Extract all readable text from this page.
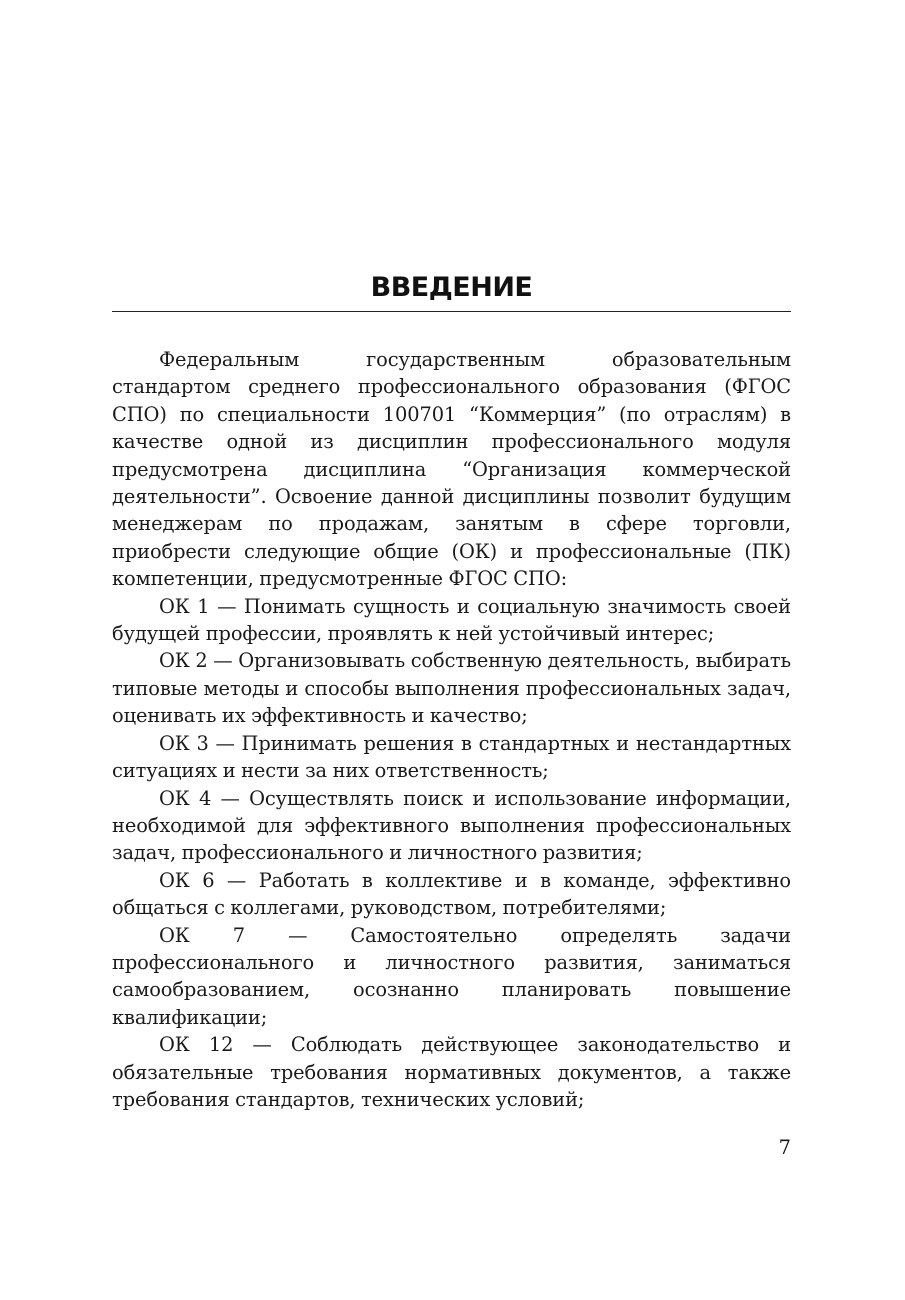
ВВЕДЕНИЕ

Федеральным государственным образовательным стандартом среднего профессионального образования (ФГОС СПО) по специальности 100701 “Коммерция” (по отраслям) в качестве одной из дисциплин профессионального модуля предусмотрена дисциплина “Организация коммерческой деятельности”. Освоение данной дисциплины позволит будущим менеджерам по продажам, занятым в сфере торговли, приобрести следующие общие (ОК) и профессиональные (ПК) компетенции, предусмотренные ФГОС СПО:

ОК 1 — Понимать сущность и социальную значимость своей будущей профессии, проявлять к ней устойчивый интерес;

ОК 2 — Организовывать собственную деятельность, выбирать типовые методы и способы выполнения профессиональных задач, оценивать их эффективность и качество;

ОК 3 — Принимать решения в стандартных и нестандартных ситуациях и нести за них ответственность;

ОК 4 — Осуществлять поиск и использование информации, необходимой для эффективного выполнения профессиональных задач, профессионального и личностного развития;

ОК 6 — Работать в коллективе и в команде, эффективно общаться с коллегами, руководством, потребителями;

ОК 7 — Самостоятельно определять задачи профессионального и личностного развития, заниматься самообразованием, осознанно планировать повышение квалификации;

ОК 12 — Соблюдать действующее законодательство и обязательные требования нормативных документов, а также требования стандартов, технических условий;

7
